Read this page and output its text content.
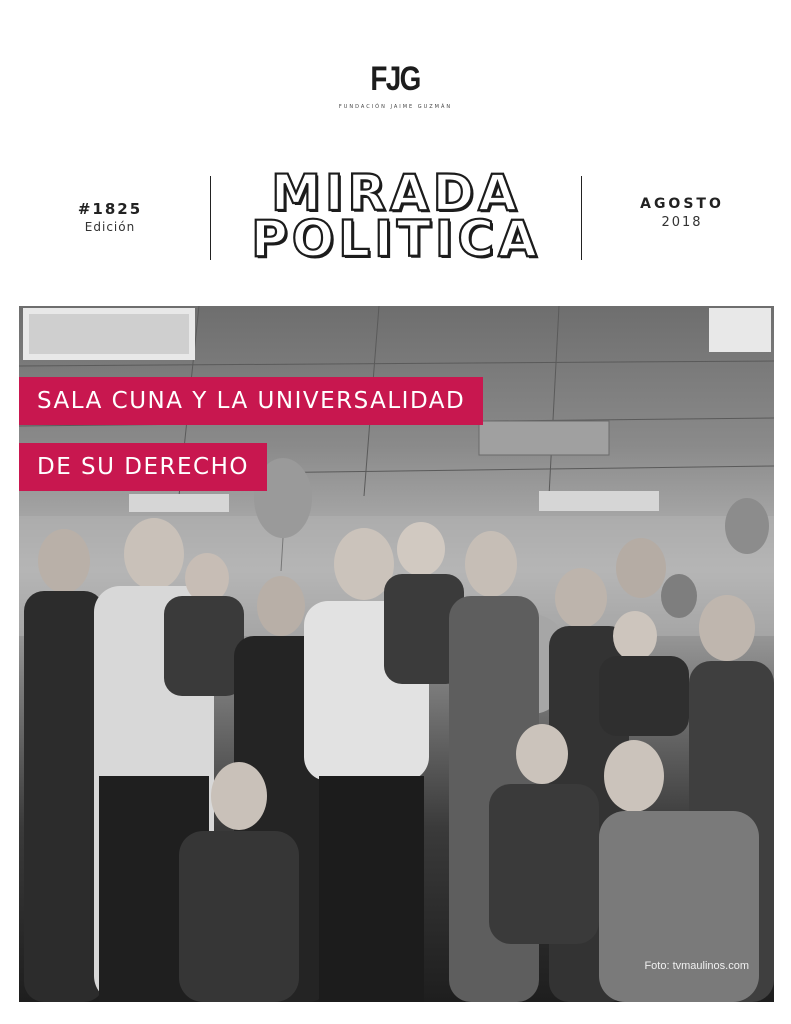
FJG
FUNDACIÓN JAIME GUZMÁN
#1825
Edición
MIRADA
POLITICA
AGOSTO
2018
Foto: tvmaulinos.com
SALA CUNA Y LA UNIVERSALIDAD
DE SU DERECHO
